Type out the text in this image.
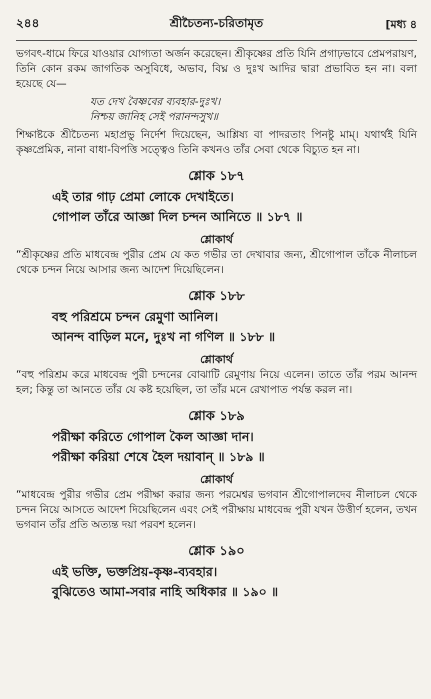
২৪৪	শ্রীচৈতন্য-চরিতামৃত	[মধ্য ৪

ভগবৎ-ধামে ফিরে যাওয়ার যোগ্যতা অর্জন করেছেন। শ্রীকৃষ্ণের প্রতি যিনি প্রগাঢ়ভাবে প্রেমপরায়ণ, তিনি কোন রকম জাগতিক অসুবিধে, অভাব, বিঘ্ন ও দুঃখ আদির দ্বারা প্রভাবিত হন না। বলা হয়েছে যে—

যত দেখ বৈষ্ণবের ব্যবহার-দুঃখ।
নিশ্চয় জানিহ সেই পরানন্দসুখ॥

শিক্ষাষ্টকে শ্রীচৈতন্য মহাপ্রভু নির্দেশ দিয়েছেন, আশ্লিষ্য বা পাদরতাং পিনষ্টু মাম্। যথার্থই যিনি কৃষ্ণপ্রেমিক, নানা বাধা-বিপত্তি সত্ত্বেও তিনি কখনও তাঁর সেবা থেকে বিচ্যুত হন না।

শ্লোক ১৮৭
এই তার গাঢ় প্রেমা লোকে দেখাইতে।
গোপাল তাঁরে আজ্ঞা দিল চন্দন আনিতে ॥ ১৮৭ ॥
শ্লোকার্থ

“শ্রীকৃষ্ণের প্রতি মাধবেন্দ্র পুরীর প্রেম যে কত গভীর তা দেখাবার জন্য, শ্রীগোপাল তাঁকে নীলাচল থেকে চন্দন নিয়ে আসার জন্য আদেশ দিয়েছিলেন।

শ্লোক ১৮৮
বহু পরিশ্রমে চন্দন রেমুণা আনিল।
আনন্দ বাড়িল মনে, দুঃখ না গণিল ॥ ১৮৮ ॥
শ্লোকার্থ

“বহু পরিশ্রম করে মাধবেন্দ্র পুরী চন্দনের বোঝাটি রেমুণায় নিয়ে এলেন। তাতে তাঁর পরম আনন্দ হল; কিন্তু তা আনতে তাঁর যে কষ্ট হয়েছিল, তা তাঁর মনে রেখাপাত পর্যন্ত করল না।

শ্লোক ১৮৯
পরীক্ষা করিতে গোপাল কৈল আজ্ঞা দান।
পরীক্ষা করিয়া শেষে হৈল দয়াবান্ ॥ ১৮৯ ॥
শ্লোকার্থ

“মাধবেন্দ্র পুরীর গভীর প্রেম পরীক্ষা করার জন্য পরমেশ্বর ভগবান শ্রীগোপালদেব নীলাচল থেকে চন্দন নিয়ে আসতে আদেশ দিয়েছিলেন এবং সেই পরীক্ষায় মাধবেন্দ্র পুরী যখন উত্তীর্ণ হলেন, তখন ভগবান তাঁর প্রতি অত্যন্ত দয়া পরবশ হলেন।

শ্লোক ১৯০
এই ভক্তি, ভক্তপ্রিয়-কৃষ্ণ-ব্যবহার।
বুঝিতেও আমা-সবার নাহি অধিকার ॥ ১৯০ ॥
